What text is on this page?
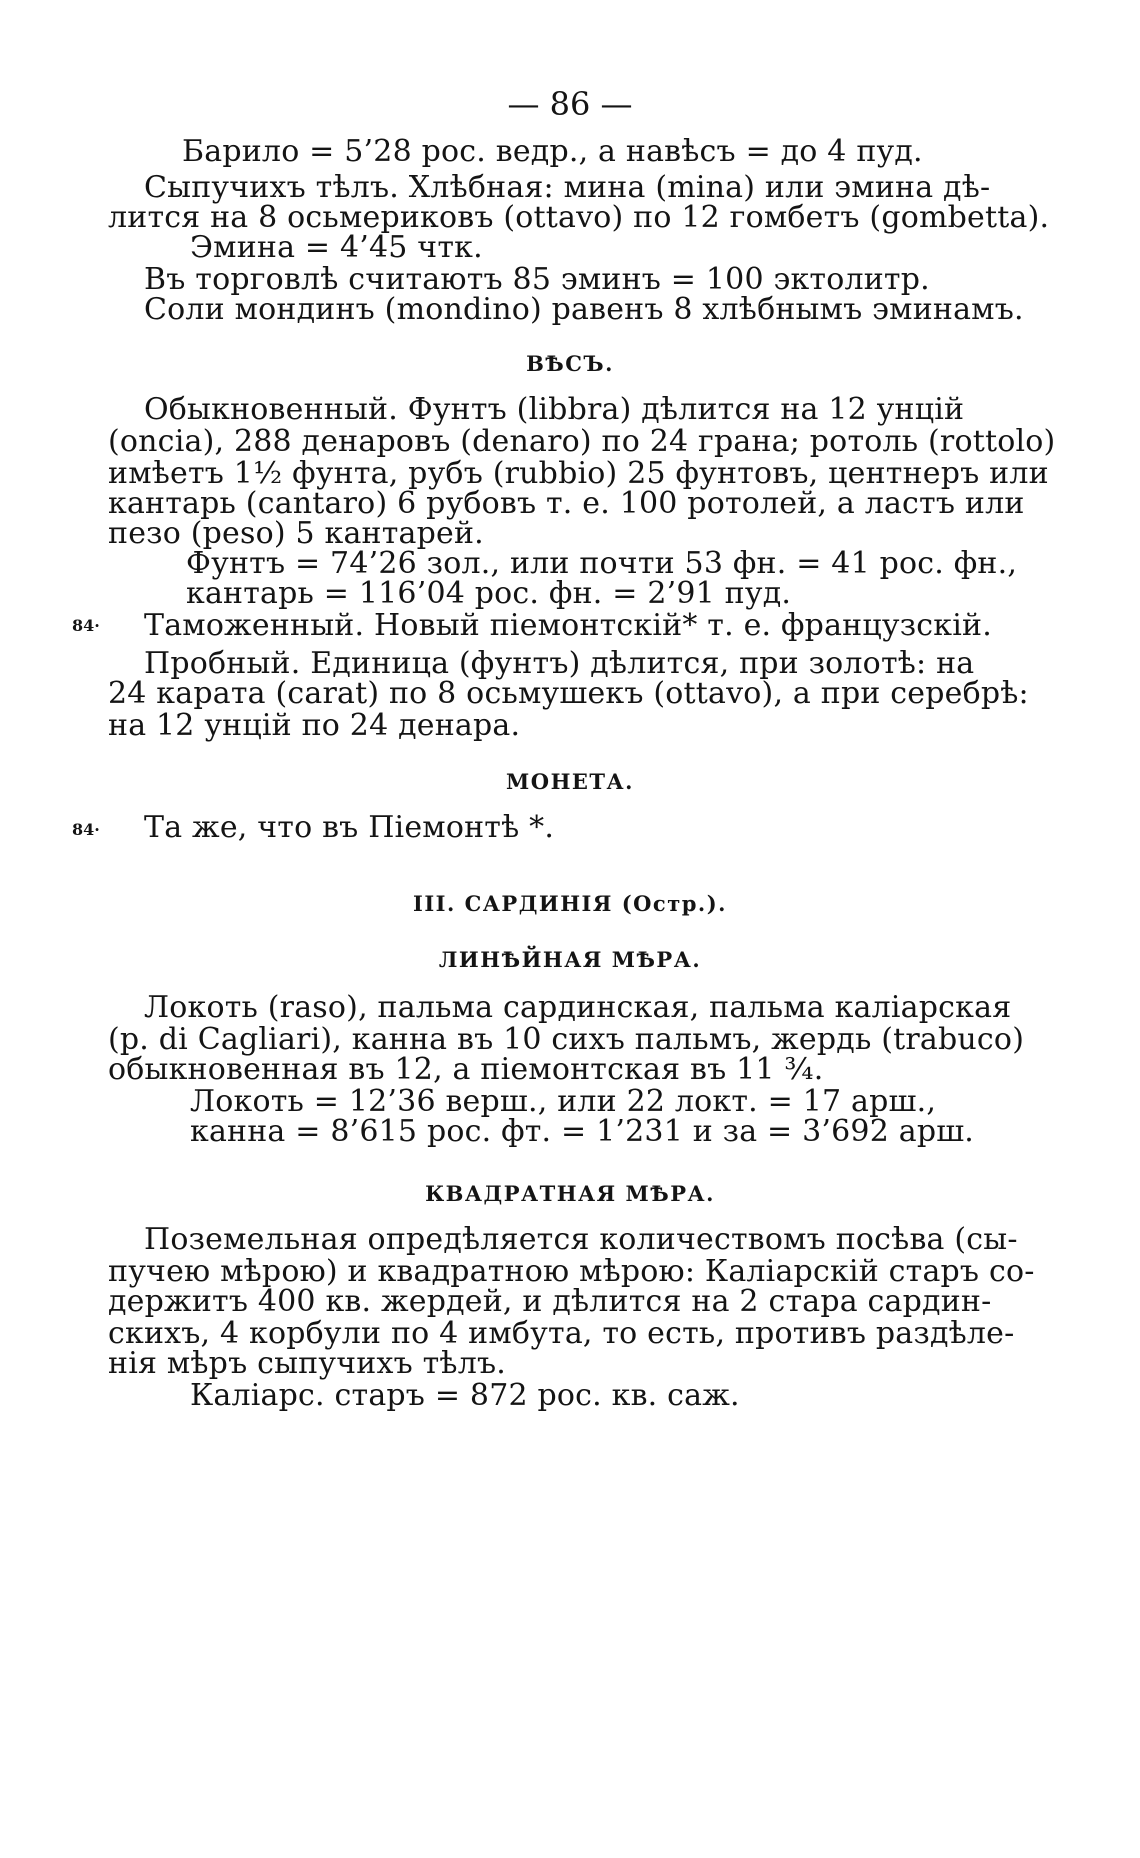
— 86 —
Барило = 5’28 рос. ведр., а навѣсъ = до 4 пуд.
Сыпучихъ тѣлъ. Хлѣбная: мина (mina) или эмина дѣ-
лится на 8 осьмериковъ (ottavo) по 12 гомбетъ (gombetta).
Эмина = 4’45 чтк.
Въ торговлѣ считаютъ 85 эминъ = 100 эктолитр.
Соли мондинъ (mondino) равенъ 8 хлѣбнымъ эминамъ.
ВѢСЪ.
Обыкновенный. Фунтъ (libbra) дѣлится на 12 унцій
(oncia), 288 денаровъ (denaro) по 24 грана; ротоль (rottolo)
имѣетъ 1½ фунта, рубъ (rubbio) 25 фунтовъ, центнеръ или
кантарь (cantaro) 6 рубовъ т. е. 100 ротолей, а ластъ или
пезо (peso) 5 кантарей.
Фунтъ = 74’26 зол., или почти 53 фн. = 41 рос. фн.,
кантарь = 116’04 рос. фн. = 2’91 пуд.
84· Таможенный. Новый піемонтскій* т. е. французскій.
Пробный. Единица (фунтъ) дѣлится, при золотѣ: на
24 карата (carat) по 8 осьмушекъ (ottavo), а при серебрѣ:
на 12 унцій по 24 денара.
МОНЕТА.
84· Та же, что въ Піемонтѣ *.
III. САРДИНІЯ (Остр.).
ЛИНѢЙНАЯ МѢРА.
Локоть (raso), пальма сардинская, пальма каліарская
(p. di Cagliari), канна въ 10 сихъ пальмъ, жердь (trabuco)
обыкновенная въ 12, а піемонтская въ 11 ¾.
Локоть = 12’36 верш., или 22 локт. = 17 арш.,
канна = 8’615 рос. фт. = 1’231 и за = 3’692 арш.
КВАДРАТНАЯ МѢРА.
Поземельная опредѣляется количествомъ посѣва (сы-
пучею мѣрою) и квадратною мѣрою: Каліарскій старъ со-
держитъ 400 кв. жердей, и дѣлится на 2 стара сардин-
скихъ, 4 корбули по 4 имбута, то есть, противъ раздѣле-
нія мѣръ сыпучихъ тѣлъ.
Каліарс. старъ = 872 рос. кв. саж.
